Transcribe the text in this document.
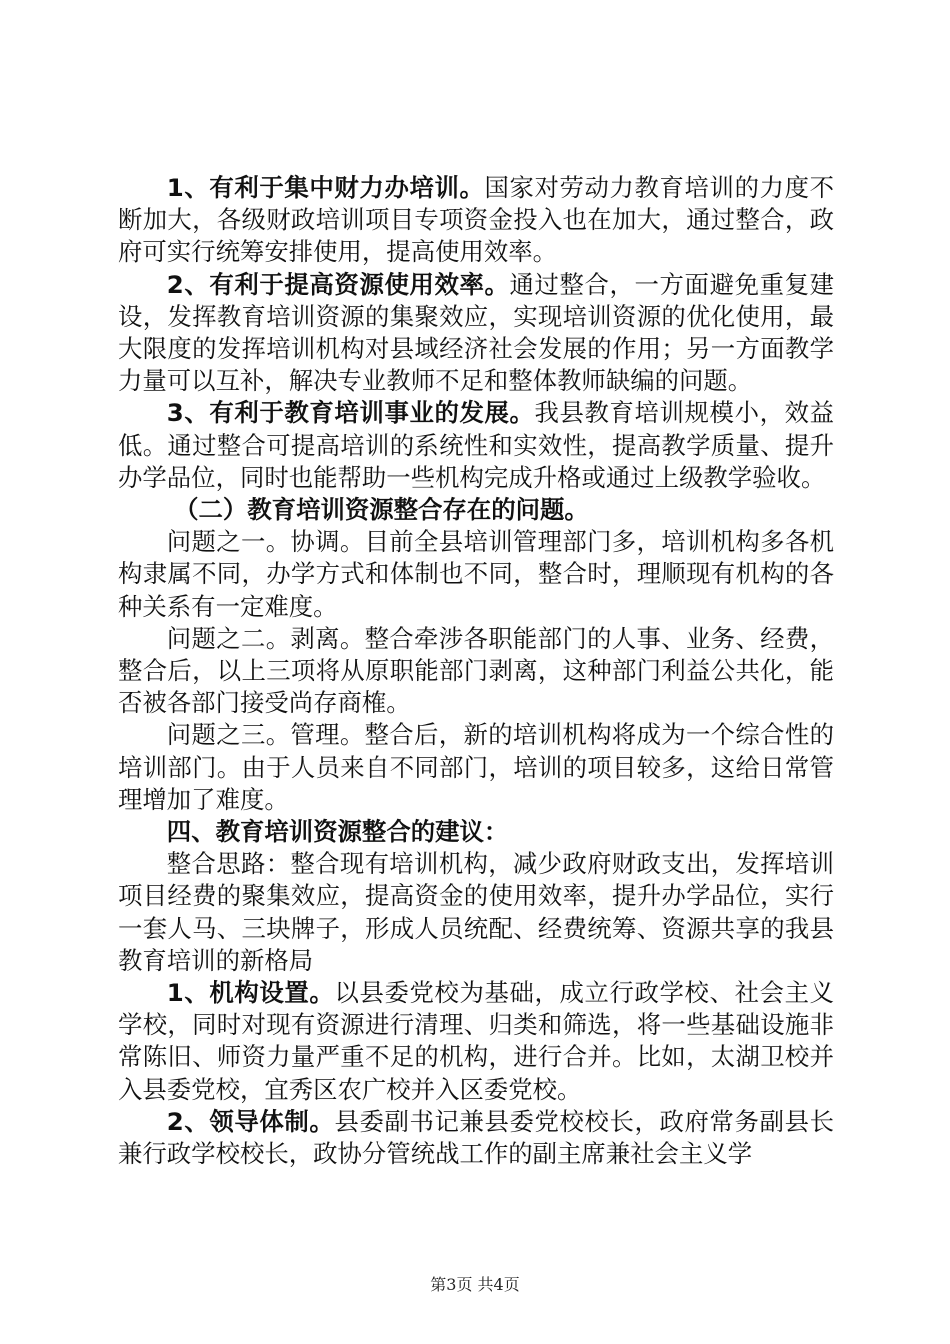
1、有利于集中财力办培训。国家对劳动力教育培训的力度不断加大，各级财政培训项目专项资金投入也在加大，通过整合，政府可实行统筹安排使用，提高使用效率。

2、有利于提高资源使用效率。通过整合，一方面避免重复建设，发挥教育培训资源的集聚效应，实现培训资源的优化使用，最大限度的发挥培训机构对县域经济社会发展的作用；另一方面教学力量可以互补，解决专业教师不足和整体教师缺编的问题。

3、有利于教育培训事业的发展。我县教育培训规模小，效益低。通过整合可提高培训的系统性和实效性，提高教学质量、提升办学品位，同时也能帮助一些机构完成升格或通过上级教学验收。

（二）教育培训资源整合存在的问题。

问题之一。协调。目前全县培训管理部门多，培训机构多各机构隶属不同，办学方式和体制也不同，整合时，理顺现有机构的各种关系有一定难度。

问题之二。剥离。整合牵涉各职能部门的人事、业务、经费，整合后，以上三项将从原职能部门剥离，这种部门利益公共化，能否被各部门接受尚存商榷。

问题之三。管理。整合后，新的培训机构将成为一个综合性的培训部门。由于人员来自不同部门，培训的项目较多，这给日常管理增加了难度。

四、教育培训资源整合的建议：

整合思路：整合现有培训机构，减少政府财政支出，发挥培训项目经费的聚集效应，提高资金的使用效率，提升办学品位，实行一套人马、三块牌子，形成人员统配、经费统筹、资源共享的我县教育培训的新格局

1、机构设置。以县委党校为基础，成立行政学校、社会主义学校，同时对现有资源进行清理、归类和筛选，将一些基础设施非常陈旧、师资力量严重不足的机构，进行合并。比如，太湖卫校并入县委党校，宜秀区农广校并入区委党校。

2、领导体制。县委副书记兼县委党校校长，政府常务副县长兼行政学校校长，政协分管统战工作的副主席兼社会主义学

第3页 共4页
